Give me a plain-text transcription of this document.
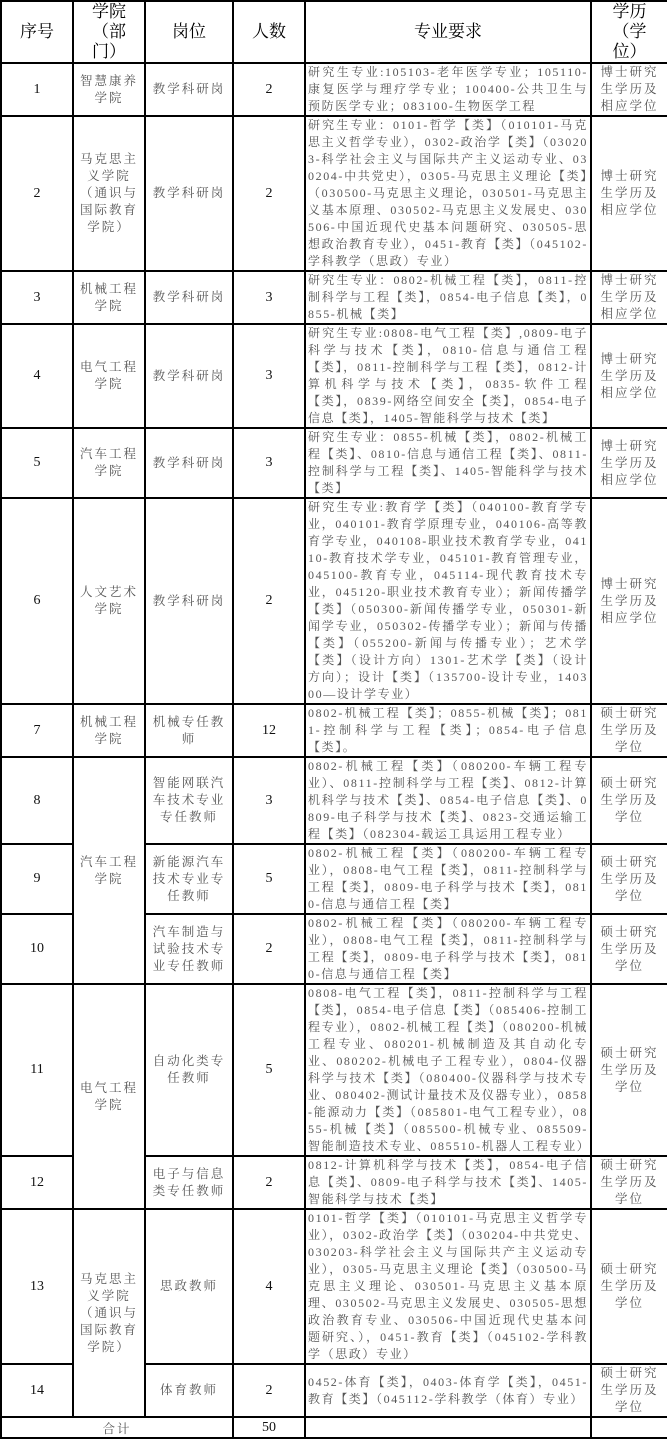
序号	学院（部门）	岗位	人数	专业要求	学历（学位）
1	智慧康养学院	教学科研岗	2	研究生专业:105103-老年医学专业；105110-康复医学与理疗学专业；100400-公共卫生与预防医学专业；083100-生物医学工程	博士研究生学历及相应学位
2	马克思主义学院（通识与国际教育学院）	教学科研岗	2	研究生专业：0101-哲学【类】（010101-马克思主义哲学专业），0302-政治学【类】（030203-科学社会主义与国际共产主义运动专业、030204-中共党史），0305-马克思主义理论【类】（030500-马克思主义理论，030501-马克思主义基本原理、030502-马克思主义发展史、030506-中国近现代史基本问题研究、030505-思想政治教育专业），0451-教育【类】（045102-学科教学（思政）专业）	博士研究生学历及相应学位
3	机械工程学院	教学科研岗	3	研究生专业：0802-机械工程【类】，0811-控制科学与工程【类】，0854-电子信息【类】，0855-机械【类】	博士研究生学历及相应学位
4	电气工程学院	教学科研岗	3	研究生专业:0808-电气工程【类】,0809-电子科学与技术【类】，0810-信息与通信工程【类】，0811-控制科学与工程【类】，0812-计算机科学与技术【类】，0835-软件工程【类】，0839-网络空间安全【类】，0854-电子信息【类】，1405-智能科学与技术【类】	博士研究生学历及相应学位
5	汽车工程学院	教学科研岗	3	研究生专业：0855-机械【类】，0802-机械工程【类】、0810-信息与通信工程【类】、0811-控制科学与工程【类】、1405-智能科学与技术【类】	博士研究生学历及相应学位
6	人文艺术学院	教学科研岗	2	研究生专业:教育学【类】（040100-教育学专业，040101-教育学原理专业，040106-高等教育学专业，040108-职业技术教育学专业，04110-教育技术学专业，045101-教育管理专业，045100-教育专业，045114-现代教育技术专业，045120-职业技术教育专业）；新闻传播学【类】（050300-新闻传播学专业，050301-新闻学专业，050302-传播学专业）；新闻与传播【类】（055200-新闻与传播专业）；艺术学【类】（设计方向）1301-艺术学【类】（设计方向）；设计【类】（135700-设计专业，140300—设计学专业）	博士研究生学历及相应学位
7	机械工程学院	机械专任教师	12	0802-机械工程【类】；0855-机械【类】；0811-控制科学与工程【类】；0854-电子信息【类】。	硕士研究生学历及学位
8	汽车工程学院	智能网联汽车技术专业专任教师	3	0802-机械工程【类】（080200-车辆工程专业）、0811-控制科学与工程【类】、0812-计算机科学与技术【类】、0854-电子信息【类】、0809-电子科学与技术【类】、0823-交通运输工程【类】（082304-载运工具运用工程专业）	硕士研究生学历及学位
9		新能源汽车技术专业专任教师	5	0802-机械工程【类】（080200-车辆工程专业），0808-电气工程【类】，0811-控制科学与工程【类】，0809-电子科学与技术【类】，0810-信息与通信工程【类】	硕士研究生学历及学位
10		汽车制造与试验技术专业专任教师	2	0802-机械工程【类】（080200-车辆工程专业），0808-电气工程【类】，0811-控制科学与工程【类】，0809-电子科学与技术【类】，0810-信息与通信工程【类】	硕士研究生学历及学位
11	电气工程学院	自动化类专任教师	5	0808-电气工程【类】，0811-控制科学与工程【类】，0854-电子信息【类】（085406-控制工程专业），0802-机械工程【类】（080200-机械工程专业、080201-机械制造及其自动化专业、080202-机械电子工程专业），0804-仪器科学与技术【类】（080400-仪器科学与技术专业、080402-测试计量技术及仪器专业），0858-能源动力【类】（085801-电气工程专业），0855-机械【类】（085500-机械专业、085509-智能制造技术专业、085510-机器人工程专业）	硕士研究生学历及学位
12		电子与信息类专任教师	2	0812-计算机科学与技术【类】，0854-电子信息【类】、0809-电子科学与技术【类】、1405-智能科学与技术【类】	硕士研究生学历及学位
13	马克思主义学院（通识与国际教育学院）	思政教师	4	0101-哲学【类】（010101-马克思主义哲学专业），0302-政治学【类】（030204-中共党史、030203-科学社会主义与国际共产主义运动专业），0305-马克思主义理论【类】（030500-马克思主义理论、030501-马克思主义基本原理、030502-马克思主义发展史、030505-思想政治教育专业、030506-中国近现代史基本问题研究、），0451-教育【类】（045102-学科教学（思政）专业）	硕士研究生学历及学位
14		体育教师	2	0452-体育【类】，0403-体育学【类】，0451-教育【类】（045112-学科教学（体育）专业）	硕士研究生学历及学位
合计			50		
